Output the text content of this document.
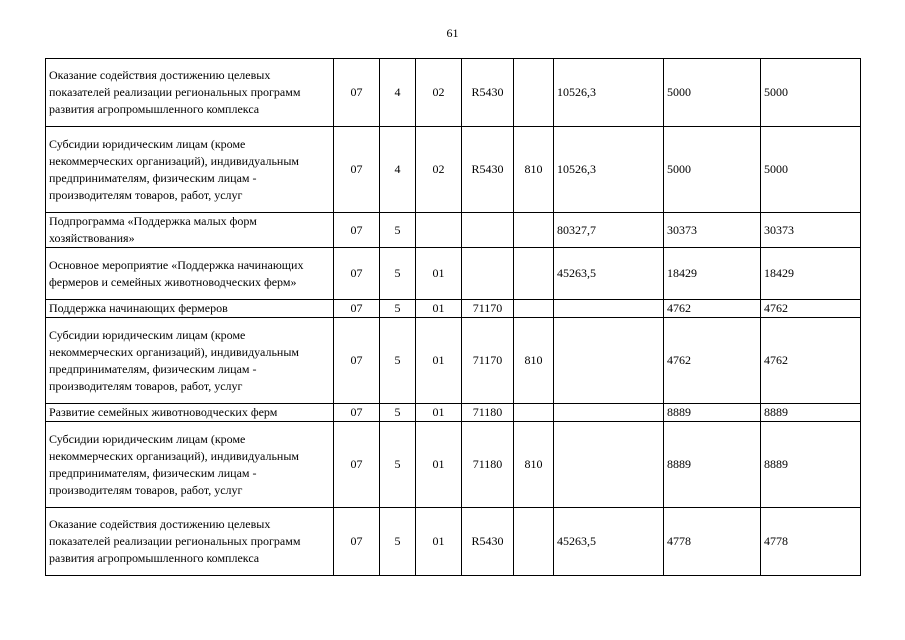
61
Оказание содействия достижению целевых показателей реализации региональных программ развития агропромышленного комплекса	07	4	02	R5430		10526,3	5000	5000
Субсидии юридическим лицам (кроме некоммерческих организаций), индивидуальным предпринимателям, физическим лицам - производителям товаров, работ, услуг	07	4	02	R5430	810	10526,3	5000	5000
Подпрограмма «Поддержка малых форм хозяйствования»	07	5				80327,7	30373	30373
Основное мероприятие «Поддержка начинающих фермеров и семейных животноводческих ферм»	07	5	01			45263,5	18429	18429
Поддержка начинающих фермеров	07	5	01	71170			4762	4762
Субсидии юридическим лицам (кроме некоммерческих организаций), индивидуальным предпринимателям, физическим лицам - производителям товаров, работ, услуг	07	5	01	71170	810		4762	4762
Развитие семейных животноводческих ферм	07	5	01	71180			8889	8889
Субсидии юридическим лицам (кроме некоммерческих организаций), индивидуальным предпринимателям, физическим лицам - производителям товаров, работ, услуг	07	5	01	71180	810		8889	8889
Оказание содействия достижению целевых показателей реализации региональных программ развития агропромышленного комплекса	07	5	01	R5430		45263,5	4778	4778
